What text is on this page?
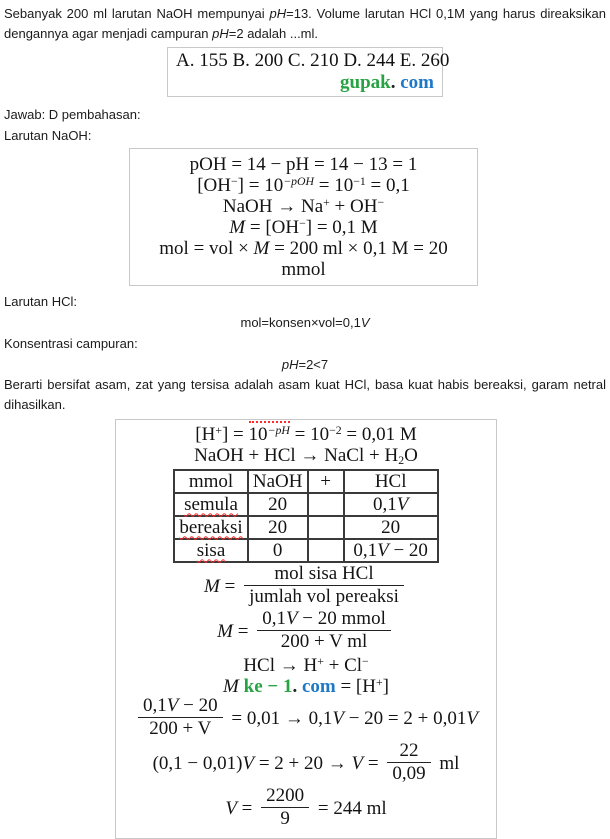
Sebanyak 200 ml larutan NaOH mempunyai pH=13. Volume larutan HCl 0,1M yang harus direaksikan dengannya agar menjadi campuran pH=2 adalah ...ml.

A. 155 B. 200 C. 210 D. 244 E. 260
gupak. com

Jawab: D pembahasan:

Larutan NaOH:

pOH = 14 − pH = 14 − 13 = 1
$[OH^-] = 10^{-pOH} = 10^{-1} = 0,1$
NaOH → Na+ + OH−
M = [OH−] = 0,1 M
mol = vol × M = 200 ml × 0,1 M = 20 mmol

Larutan HCl:

mol=konsen×vol=0,1V

Konsentrasi campuran:

pH=2<7

Berarti bersifat asam, zat yang tersisa adalah asam kuat HCl, basa kuat habis bereaksi, garam netral dihasilkan.

$[H^+] = 10^{-pH} = 10^{-2} = 0,01$ M
NaOH + HCl → NaCl + H2O
mmol	NaOH	+	HCl
semula	20		0,1V
bereaksi	20		20
sisa	0		0,1V − 20
$M = \frac{\text{mol sisa HCl}}{\text{jumlah vol pereaksi}}$
$M = \frac{\text{0,1V − 20 mmol}}{\text{200 + V ml}}$
HCl → H+ + Cl−
M ke − 1. com = [H+]
$\frac{0,1V - 20}{200 + V} = 0,01 \to 0,1V - 20 = 2 + 0,01V$
$(0,1 - 0,01)V = 2 + 20 \to V = \frac{22}{0,09}$ ml
$V = \frac{2200}{9} = 244$ ml
